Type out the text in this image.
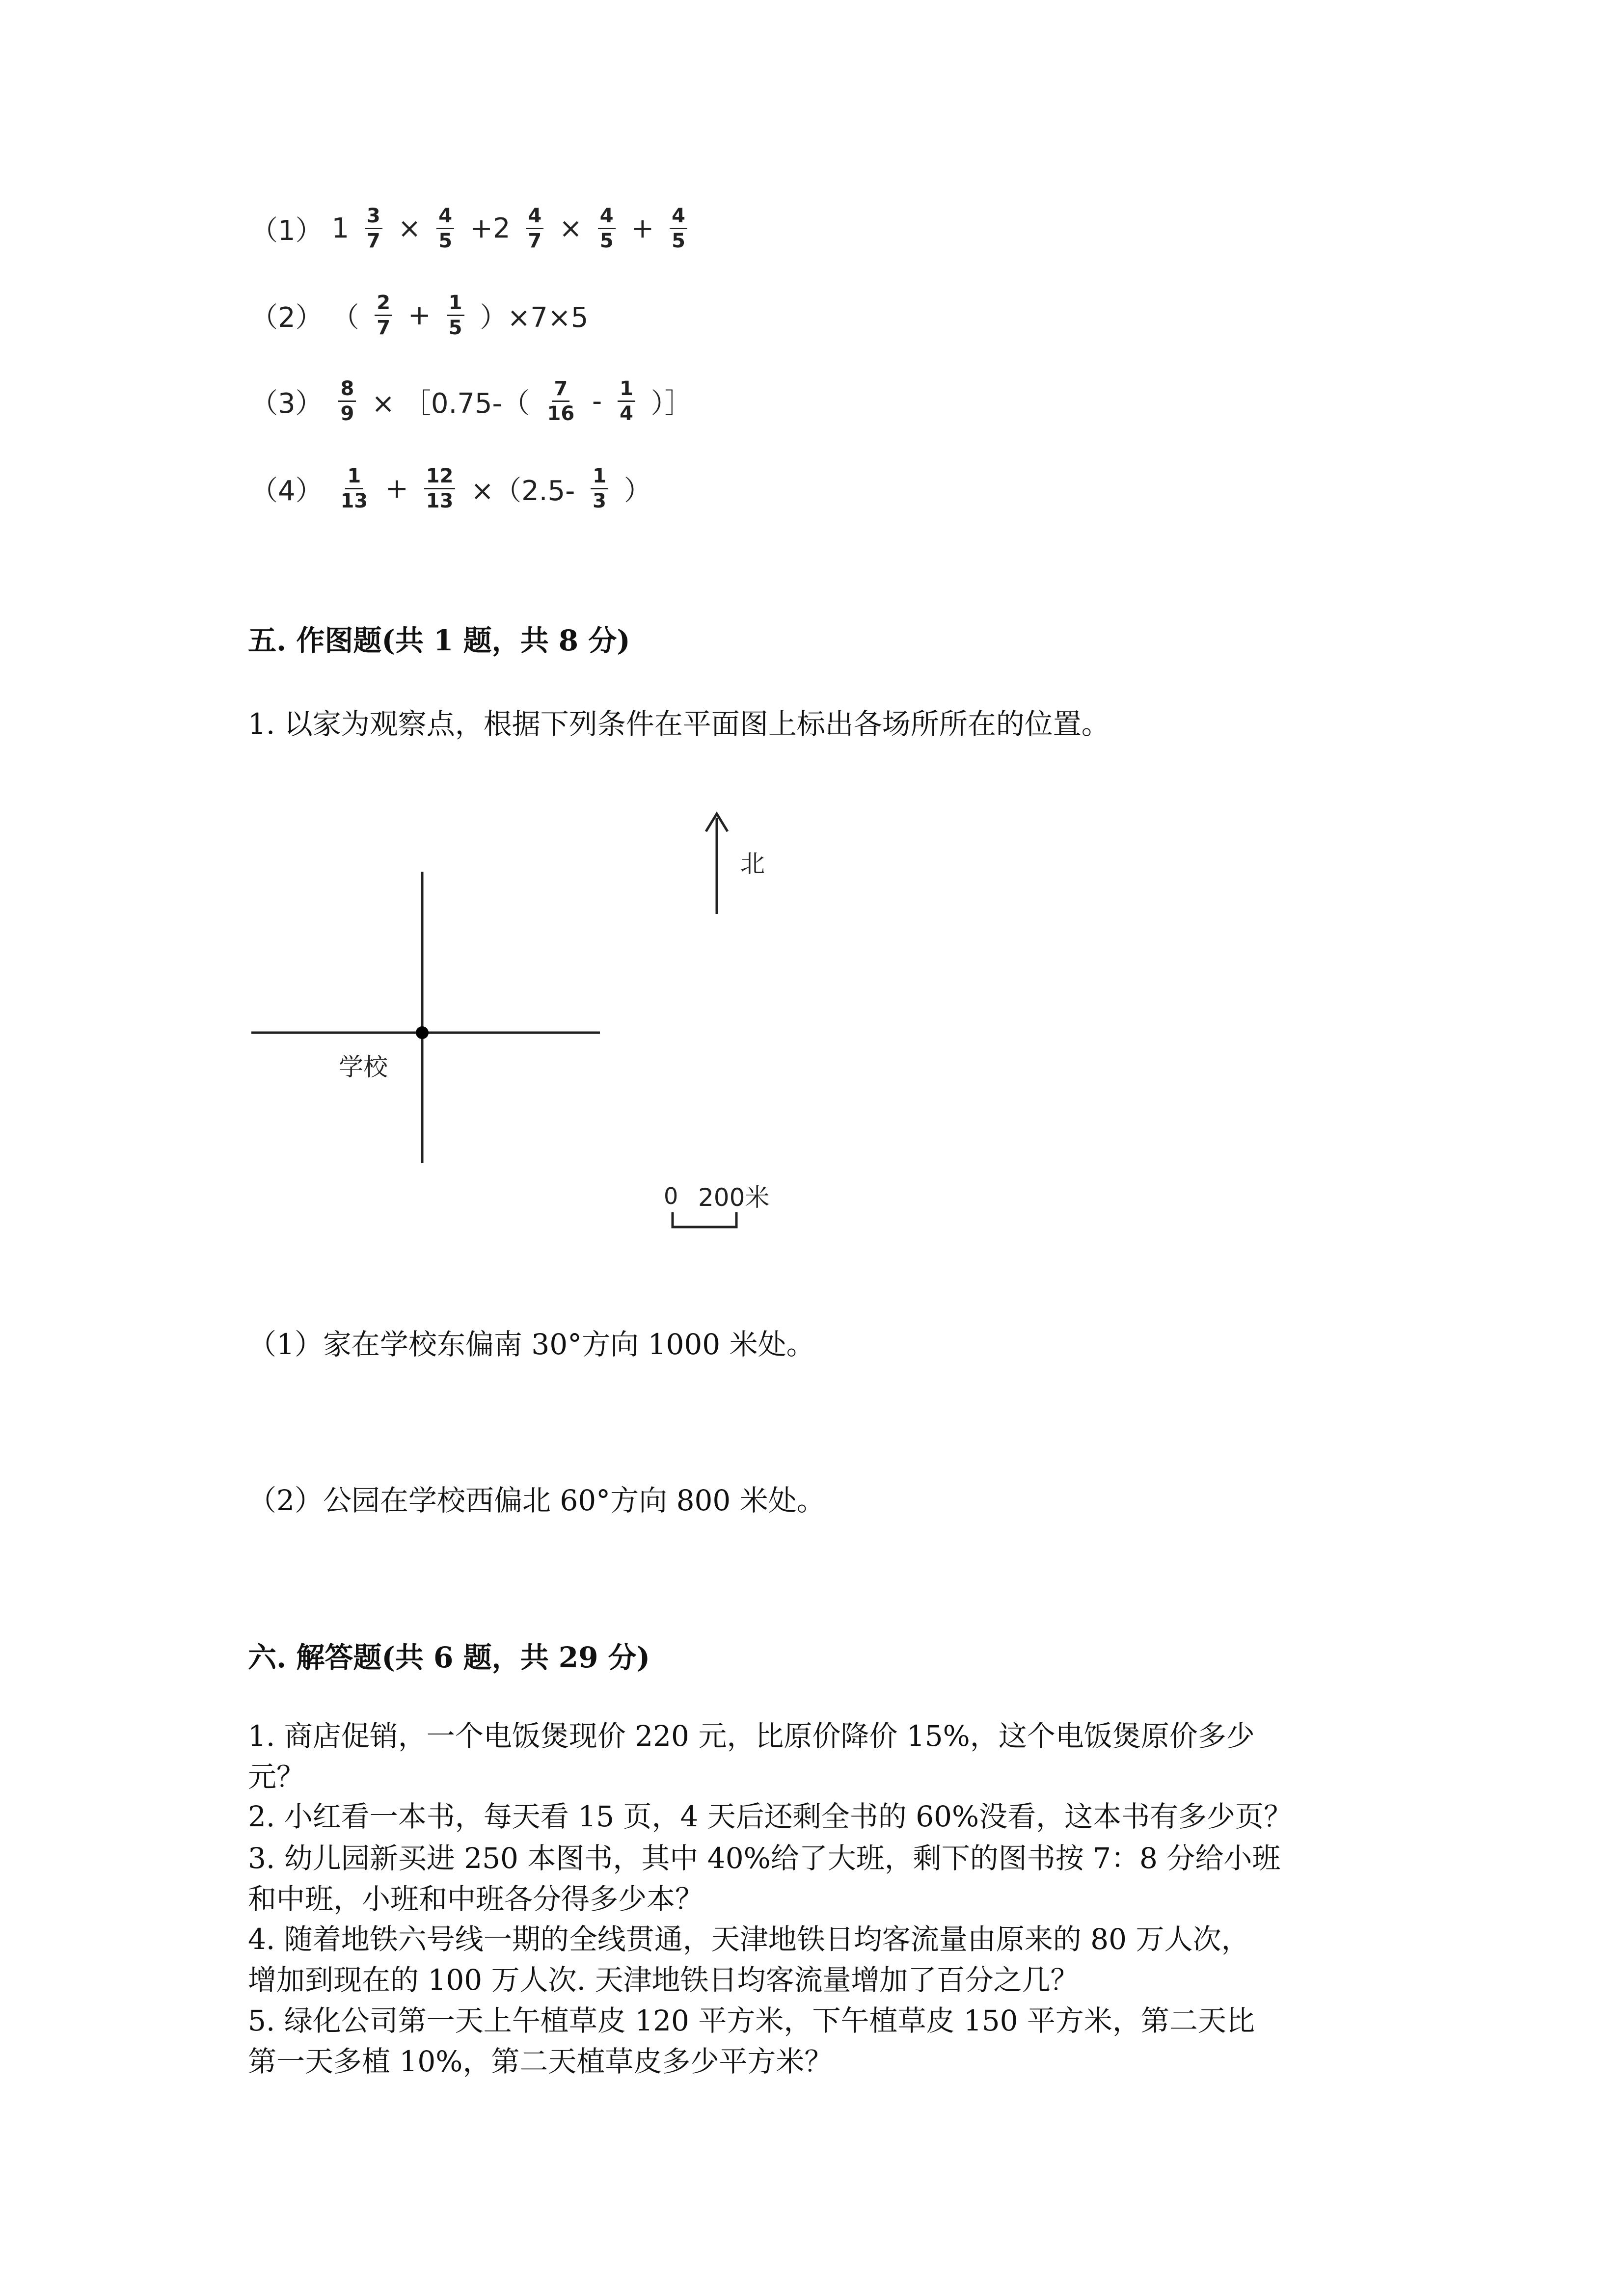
（1） $1 \frac{3}{7} \times \frac{4}{5} +2 \frac{4}{7} \times \frac{4}{5} + \frac{4}{5}$
（2） （ $\frac{2}{7} + \frac{1}{5} )\times 7\times 5$
$(3) \frac{8}{9}$ × ［0.75-（ $\frac{7}{16} - \frac{1}{4}$ ）］
$(4) \frac{1}{13} + \frac{12}{13} \times(2.5- \frac{1}{3}$ ）
五. 作图题(共 1 题，共 8 分)
1. 以家为观察点，根据下列条件在平面图上标出各场所所在的位置。
学校
北
0 200米
（1）家在学校东偏南 30°方向 1000 米处。
（2）公园在学校西偏北 60°方向 800 米处。
六. 解答题(共 6 题，共 29 分)
1. 商店促销，一个电饭煲现价 220 元，比原价降价 15%，这个电饭煲原价多少
元？
2. 小红看一本书，每天看 15 页，4 天后还剩全书的 60%没看，这本书有多少页？
3. 幼儿园新买进 250 本图书，其中 40%给了大班，剩下的图书按 7：8 分给小班
和中班，小班和中班各分得多少本？
4. 随着地铁六号线一期的全线贯通，天津地铁日均客流量由原来的 80 万人次，
增加到现在的 100 万人次. 天津地铁日均客流量增加了百分之几？
5. 绿化公司第一天上午植草皮 120 平方米，下午植草皮 150 平方米，第二天比
第一天多植 10%，第二天植草皮多少平方米？
